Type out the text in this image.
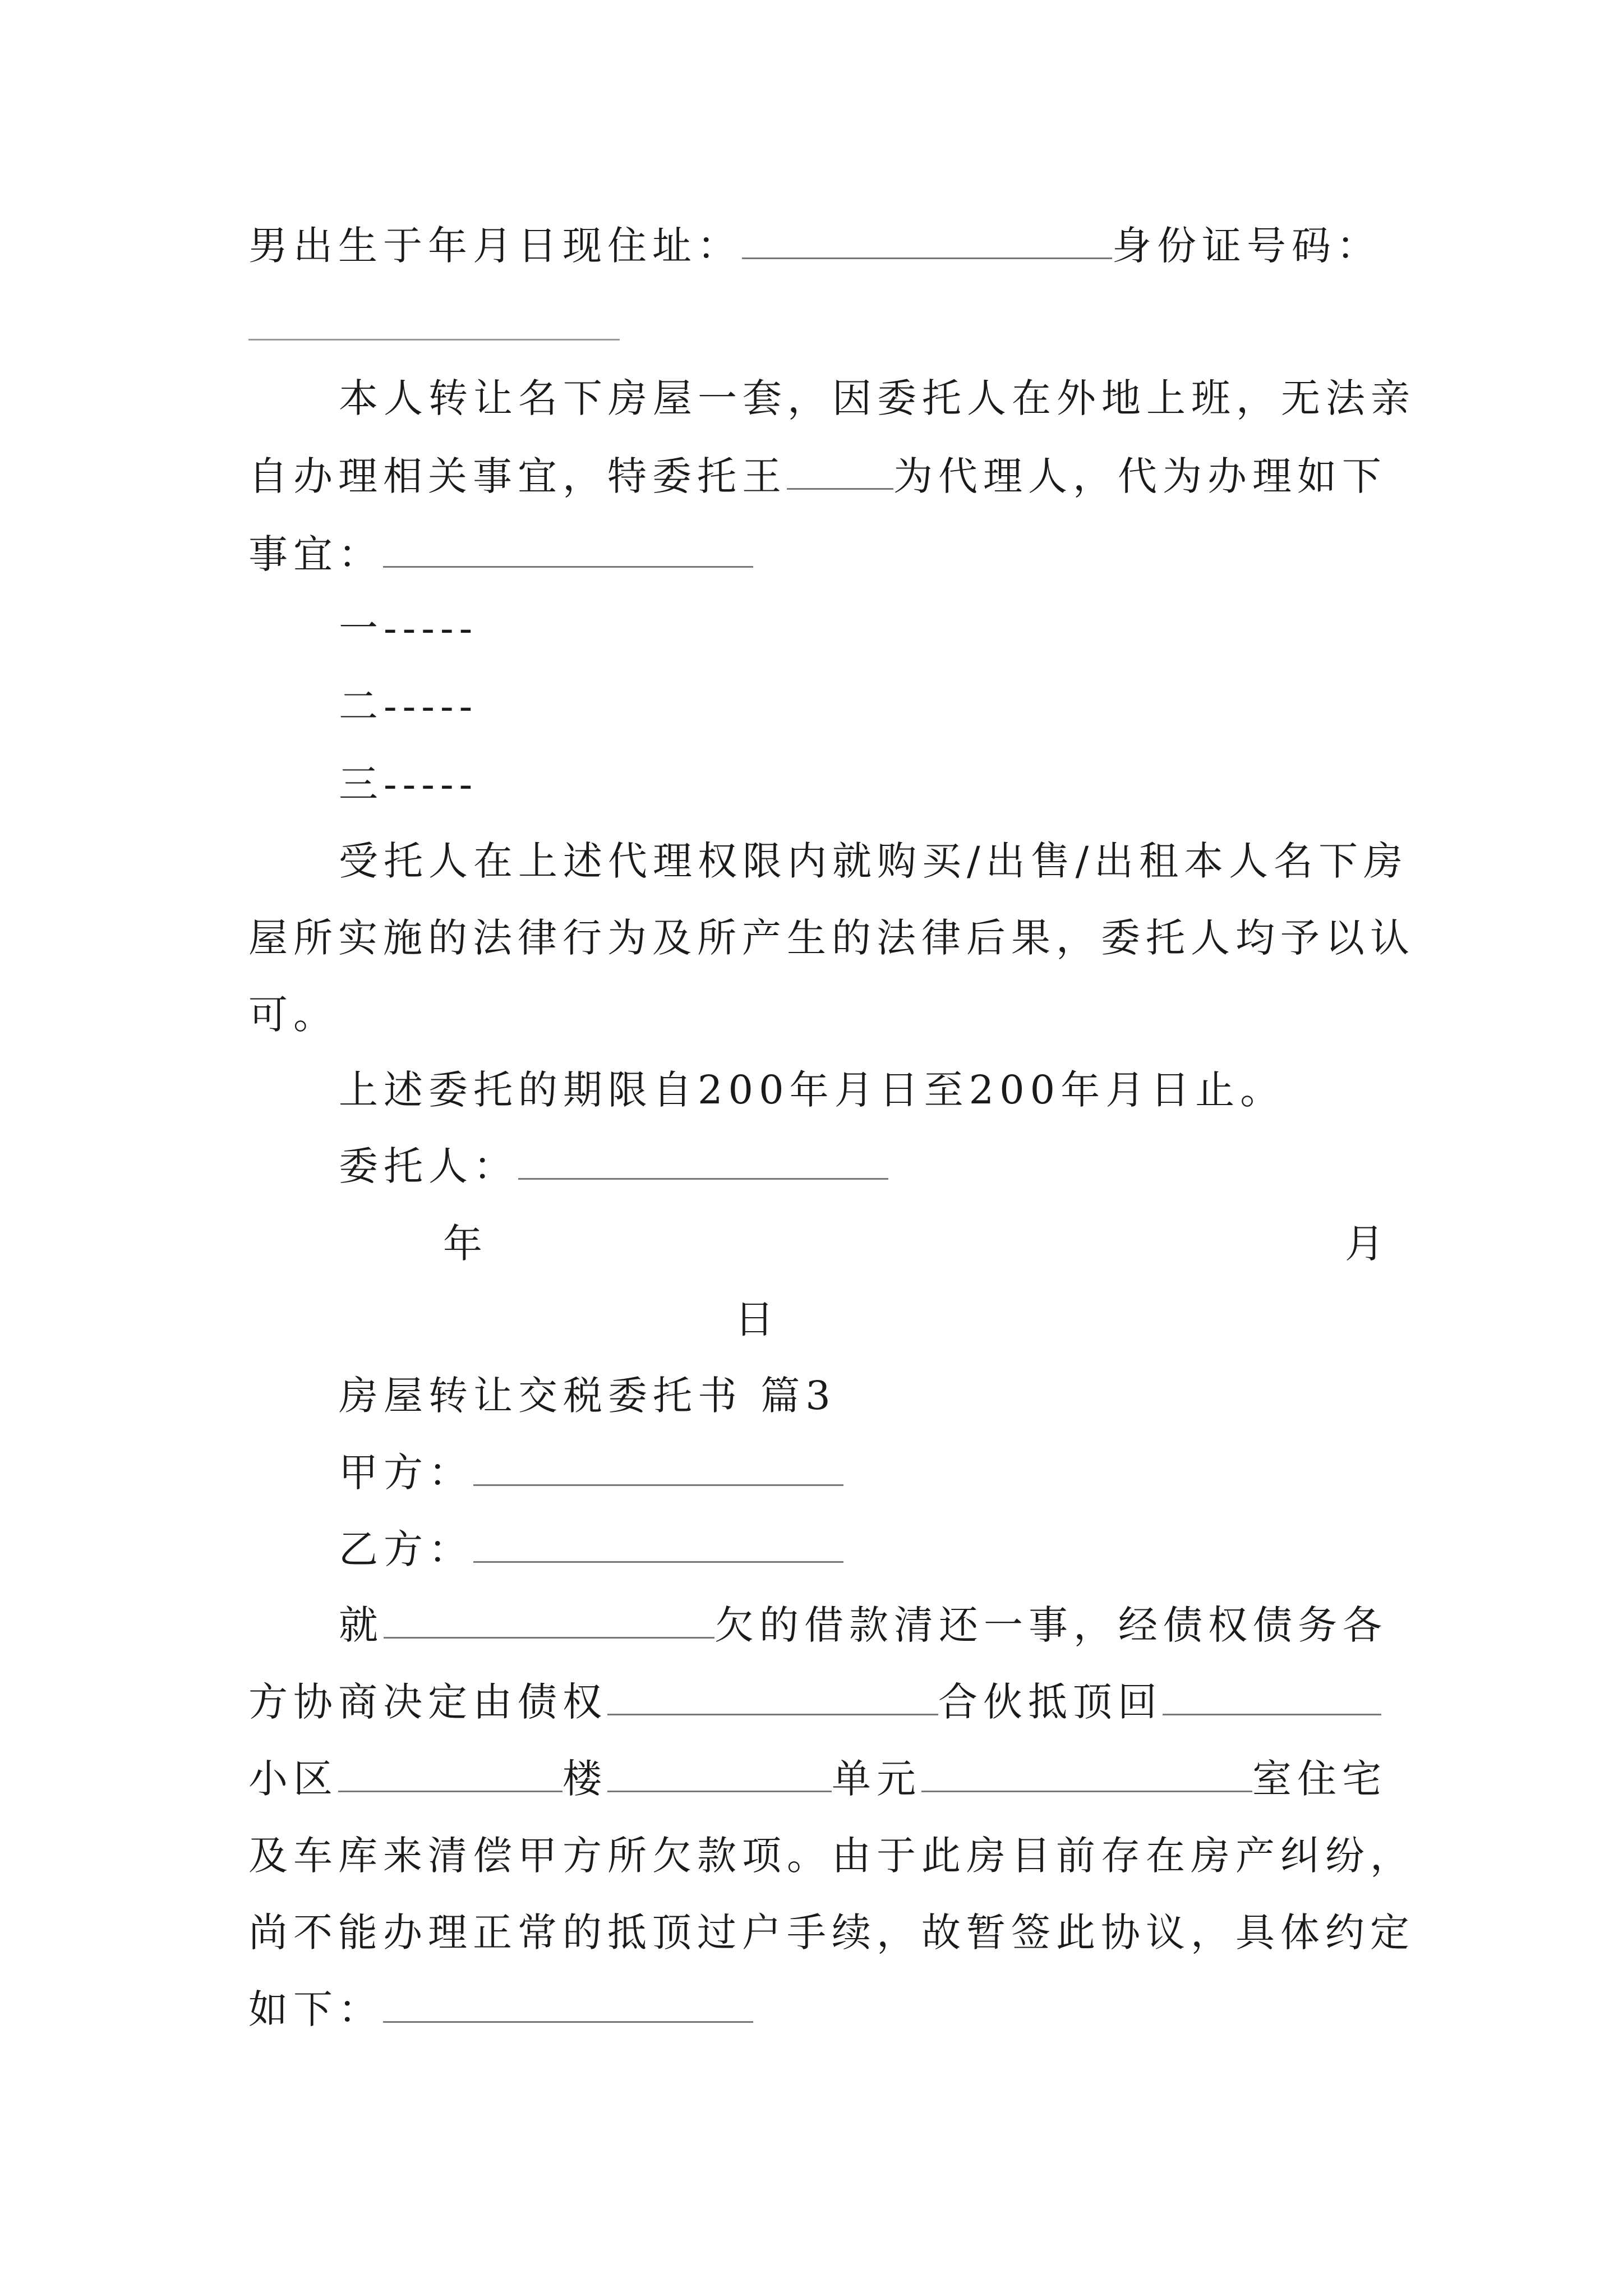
男出生于年月日现住址：	身份证号码：
本人转让名下房屋一套，因委托人在外地上班，无法亲
自办理相关事宜，特委托王	为代理人，代为办理如下
事宜：
一-----
二-----
三-----
受托人在上述代理权限内就购买/出售/出租本人名下房
屋所实施的法律行为及所产生的法律后果，委托人均予以认
可。
上述委托的期限自200年月日至200年月日止。
委托人：
年	月
日
房屋转让交税委托书 篇3
甲方：
乙方：
就	欠的借款清还一事，经债权债务各
方协商决定由债权	合伙抵顶回
小区	楼	单元	室住宅
及车库来清偿甲方所欠款项。由于此房目前存在房产纠纷，
尚不能办理正常的抵顶过户手续，故暂签此协议，具体约定
如下：
